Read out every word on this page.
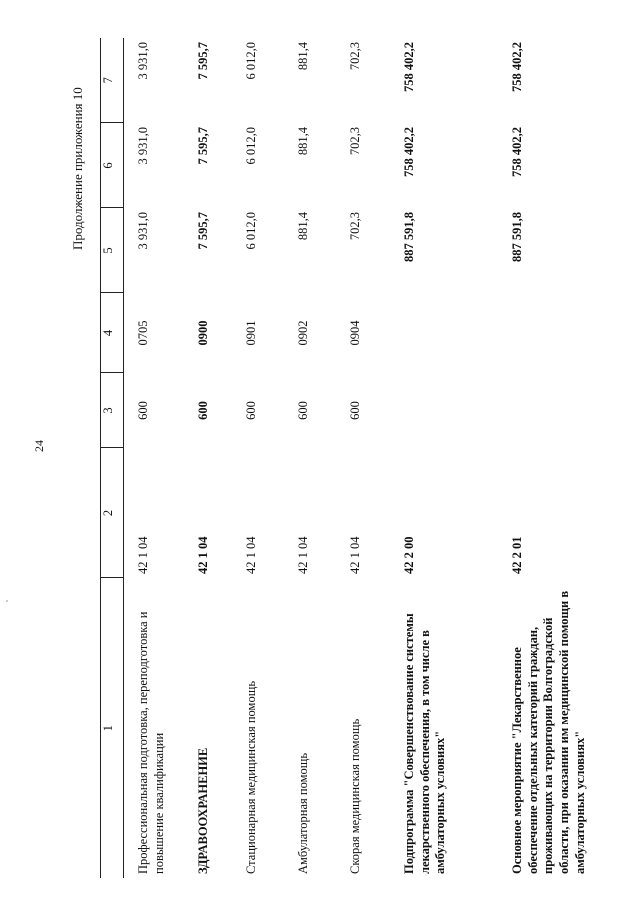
24
Продолжение приложения 10
1	2	3	4	5	6	7
Профессиональная подготовка, переподготовка и повышение квалификации	42 1 04	600	0705	3 931,0	3 931,0	3 931,0
ЗДРАВООХРАНЕНИЕ	42 1 04	600	0900	7 595,7	7 595,7	7 595,7
Стационарная медицинская помощь	42 1 04	600	0901	6 012,0	6 012,0	6 012,0
Амбулаторная помощь	42 1 04	600	0902	881,4	881,4	881,4
Скорая медицинская помощь	42 1 04	600	0904	702,3	702,3	702,3
Подпрограмма "Совершенствование системы лекарственного обеспечения, в том числе в амбулаторных условиях"	42 2 00			887 591,8	758 402,2	758 402,2
Основное мероприятие "Лекарственное обеспечение отдельных категорий граждан, проживающих на территории Волгоградской области, при оказании им медицинской помощи в амбулаторных условиях"	42 2 01			887 591,8	758 402,2	758 402,2
